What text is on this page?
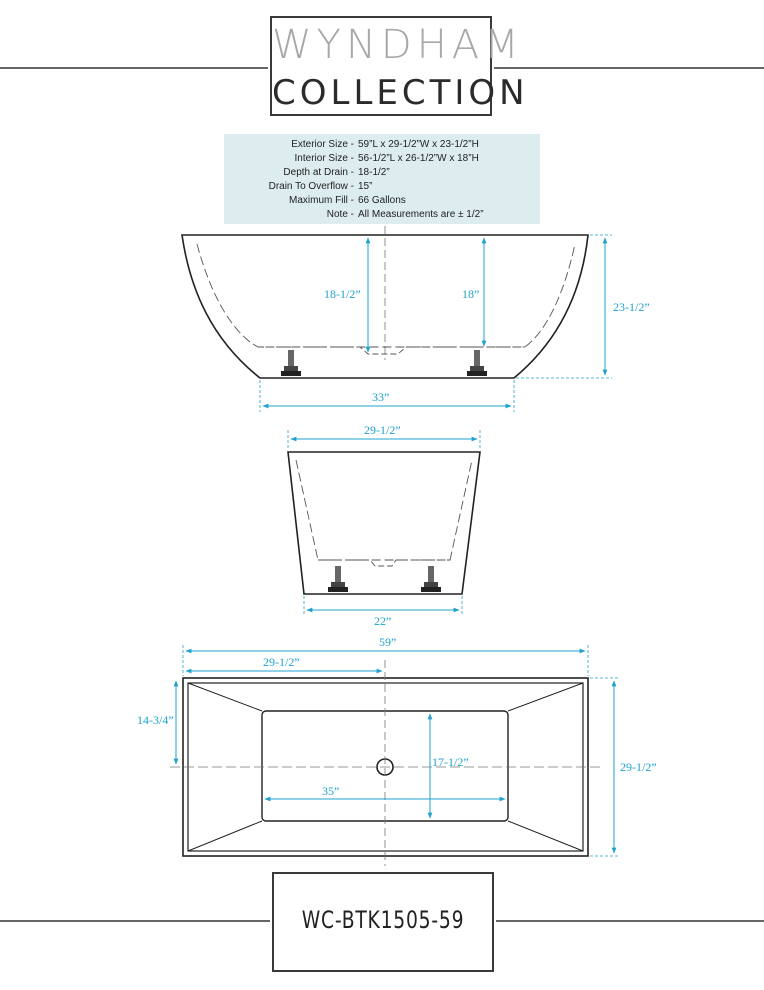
WYNDHAM
COLLECTION
Exterior Size - 59”L x 29-1/2”W x 23-1/2”H
Interior Size - 56-1/2”L x 26-1/2”W x 18”H
Depth at Drain - 18-1/2”
Drain To Overflow - 15”
Maximum Fill - 66 Gallons
Note - All Measurements are ± 1/2”
18-1/2”	18”
23-1/2”
33”
29-1/2”
22”
59”
29-1/2”
14-3/4”
17-1/2”
35”
29-1/2”
WC-BTK1505-59
